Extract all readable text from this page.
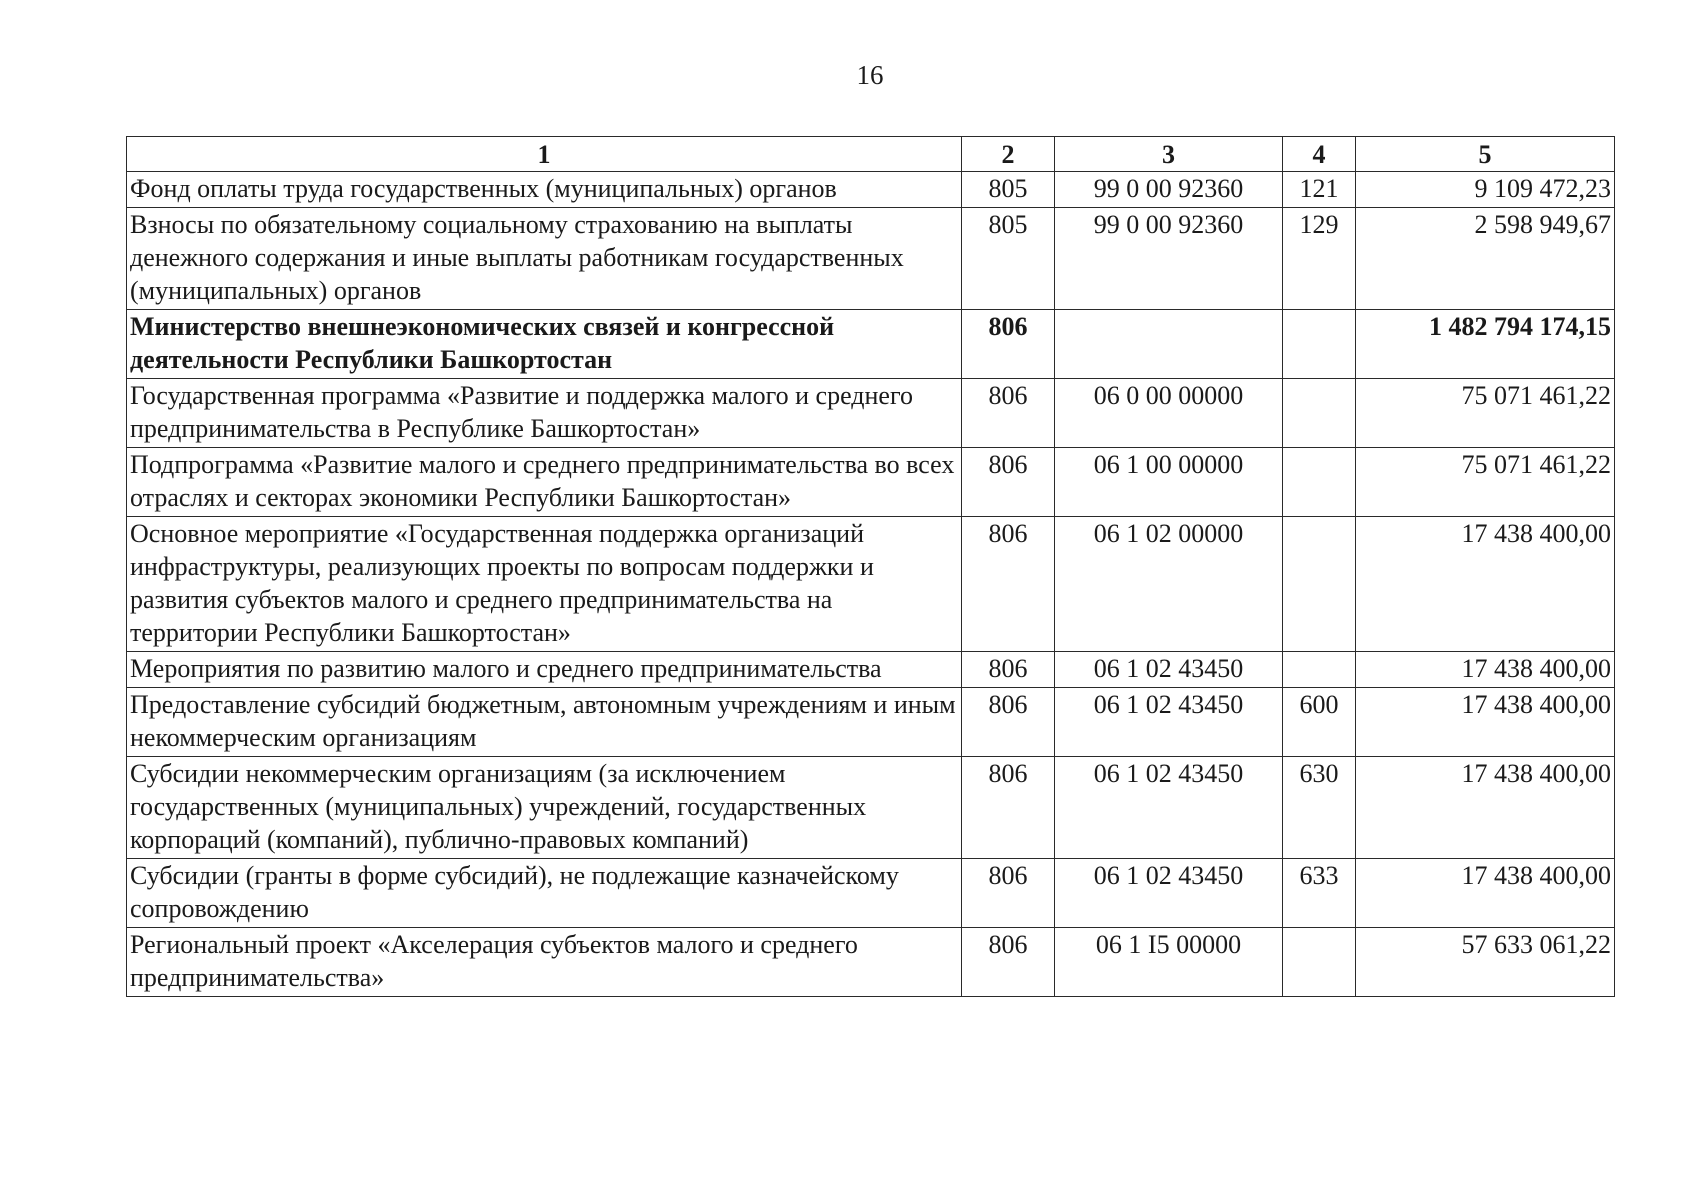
16
1	2	3	4	5
Фонд оплаты труда государственных (муниципальных) органов	805	99 0 00 92360	121	9 109 472,23
Взносы по обязательному социальному страхованию на выплаты денежного содержания и иные выплаты работникам государственных (муниципальных) органов	805	99 0 00 92360	129	2 598 949,67
Министерство внешнеэкономических связей и конгрессной деятельности Республики Башкортостан	806			1 482 794 174,15
Государственная программа «Развитие и поддержка малого и среднего предпринимательства в Республике Башкортостан»	806	06 0 00 00000		75 071 461,22
Подпрограмма «Развитие малого и среднего предпринимательства во всех отраслях и секторах экономики Республики Башкортостан»	806	06 1 00 00000		75 071 461,22
Основное мероприятие «Государственная поддержка организаций инфраструктуры, реализующих проекты по вопросам поддержки и развития субъектов малого и среднего предпринимательства на территории Республики Башкортостан»	806	06 1 02 00000		17 438 400,00
Мероприятия по развитию малого и среднего предпринимательства	806	06 1 02 43450		17 438 400,00
Предоставление субсидий бюджетным, автономным учреждениям и иным некоммерческим организациям	806	06 1 02 43450	600	17 438 400,00
Субсидии некоммерческим организациям (за исключением государственных (муниципальных) учреждений, государственных корпораций (компаний), публично-правовых компаний)	806	06 1 02 43450	630	17 438 400,00
Субсидии (гранты в форме субсидий), не подлежащие казначейскому сопровождению	806	06 1 02 43450	633	17 438 400,00
Региональный проект «Акселерация субъектов малого и среднего предпринимательства»	806	06 1 I5 00000		57 633 061,22
